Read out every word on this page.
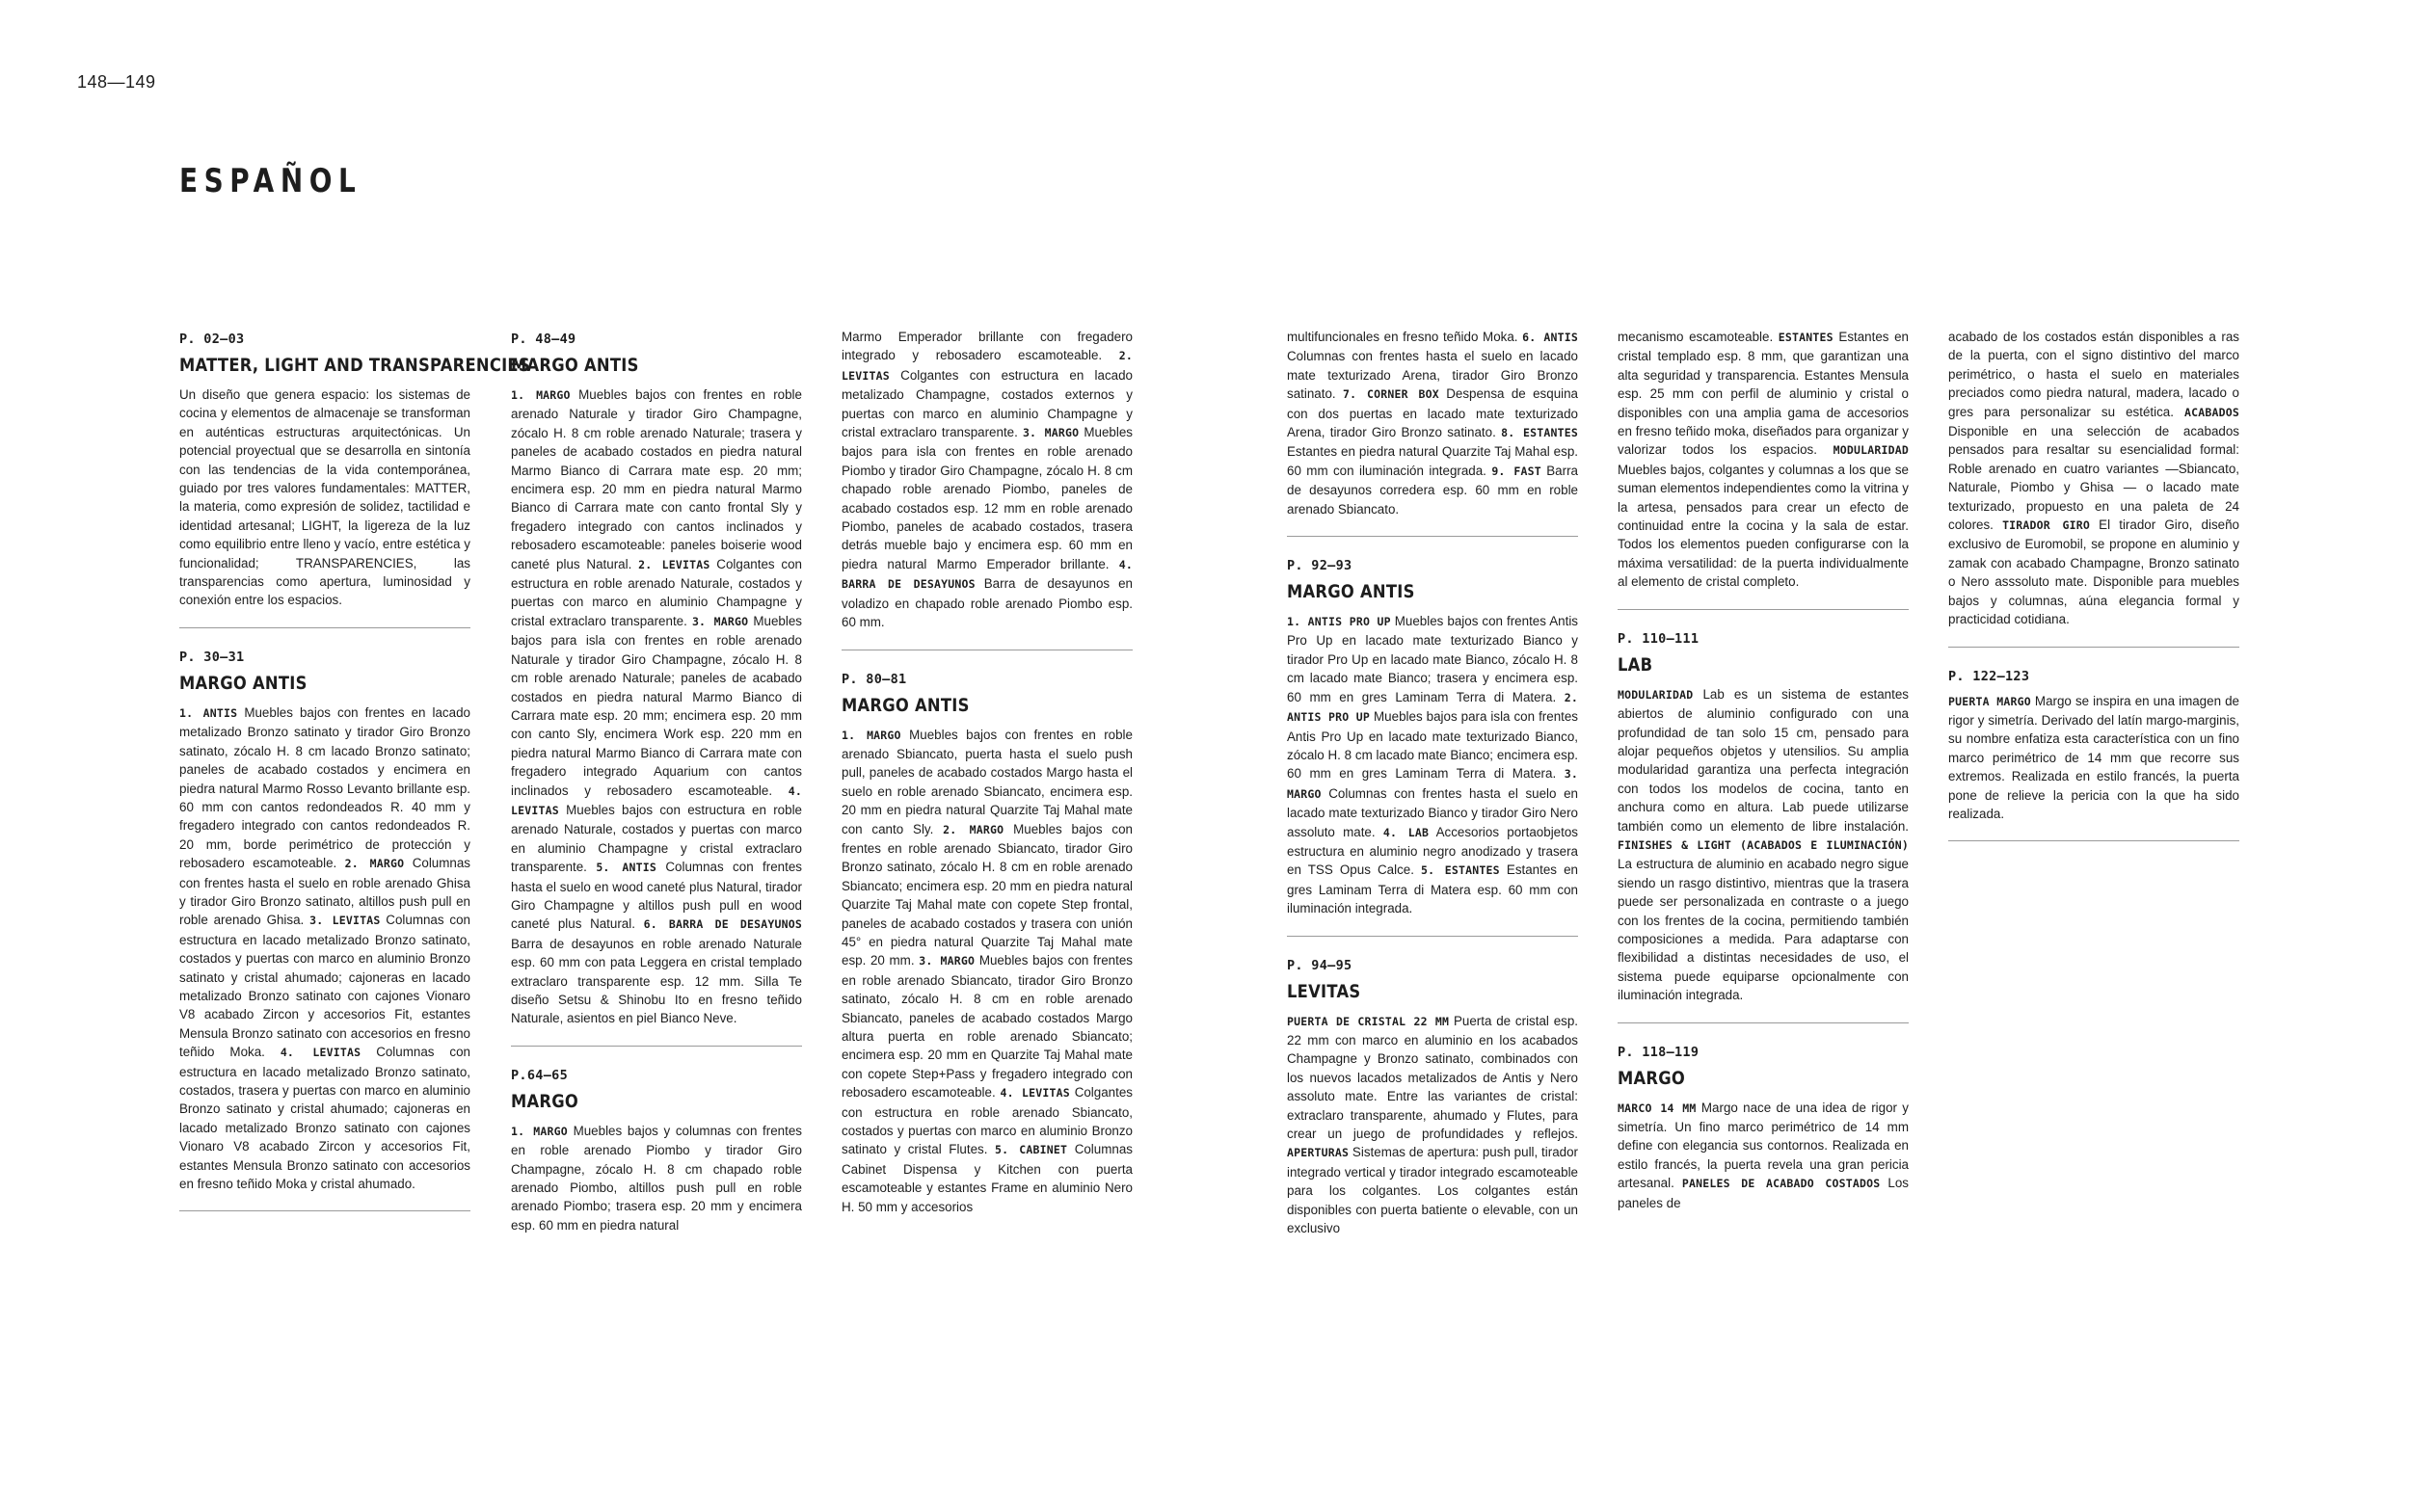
148—149
ESPAÑOL
P. 02–03
MATTER, LIGHT AND TRANSPARENCIES

Un diseño que genera espacio: los sistemas de cocina y elementos de almacenaje se transforman en auténticas estructuras arquitectónicas. Un potencial proyectual que se desarrolla en sintonía con las tendencias de la vida contemporánea, guiado por tres valores fundamentales: MATTER, la materia, como expresión de solidez, tactilidad e identidad artesanal; LIGHT, la ligereza de la luz como equilibrio entre lleno y vacío, entre estética y funcionalidad; TRANSPARENCIES, las transparencias como apertura, luminosidad y conexión entre los espacios.

P. 30–31
MARGO ANTIS

1. ANTIS Muebles bajos con frentes en lacado metalizado Bronzo satinato y tirador Giro Bronzo satinato, zócalo H. 8 cm lacado Bronzo satinato; paneles de acabado costados y encimera en piedra natural Marmo Rosso Levanto brillante esp. 60 mm con cantos redondeados R. 40 mm y fregadero integrado con cantos redondeados R. 20 mm, borde perimétrico de protección y rebosadero escamoteable. 2. MARGO Columnas con frentes hasta el suelo en roble arenado Ghisa y tirador Giro Bronzo satinato, altillos push pull en roble arenado Ghisa. 3. LEVITAS Columnas con estructura en lacado metalizado Bronzo satinato, costados y puertas con marco en aluminio Bronzo satinato y cristal ahumado; cajoneras en lacado metalizado Bronzo satinato con cajones Vionaro V8 acabado Zircon y accesorios Fit, estantes Mensula Bronzo satinato con accesorios en fresno teñido Moka. 4. LEVITAS Columnas con estructura en lacado metalizado Bronzo satinato, costados, trasera y puertas con marco en aluminio Bronzo satinato y cristal ahumado; cajoneras en lacado metalizado Bronzo satinato con cajones Vionaro V8 acabado Zircon y accesorios Fit, estantes Mensula Bronzo satinato con accesorios en fresno teñido Moka y cristal ahumado.

P. 48–49
MARGO ANTIS

1. MARGO Muebles bajos con frentes en roble arenado Naturale y tirador Giro Champagne, zócalo H. 8 cm roble arenado Naturale; trasera y paneles de acabado costados en piedra natural Marmo Bianco di Carrara mate esp. 20 mm; encimera esp. 20 mm en piedra natural Marmo Bianco di Carrara mate con canto frontal Sly y fregadero integrado con cantos inclinados y rebosadero escamoteable: paneles boiserie wood caneté plus Natural. 2. LEVITAS Colgantes con estructura en roble arenado Naturale, costados y puertas con marco en aluminio Champagne y cristal extraclaro transparente. 3. MARGO Muebles bajos para isla con frentes en roble arenado Naturale y tirador Giro Champagne, zócalo H. 8 cm roble arenado Naturale; paneles de acabado costados en piedra natural Marmo Bianco di Carrara mate esp. 20 mm; encimera esp. 20 mm con canto Sly, encimera Work esp. 220 mm en piedra natural Marmo Bianco di Carrara mate con fregadero integrado Aquarium con cantos inclinados y rebosadero escamoteable. 4. LEVITAS Muebles bajos con estructura en roble arenado Naturale, costados y puertas con marco en aluminio Champagne y cristal extraclaro transparente. 5. ANTIS Columnas con frentes hasta el suelo en wood caneté plus Natural, tirador Giro Champagne y altillos push pull en wood caneté plus Natural. 6. BARRA DE DESAYUNOS Barra de desayunos en roble arenado Naturale esp. 60 mm con pata Leggera en cristal templado extraclaro transparente esp. 12 mm. Silla Te diseño Setsu & Shinobu Ito en fresno teñido Naturale, asientos en piel Bianco Neve.

P.64–65
MARGO

1. MARGO Muebles bajos y columnas con frentes en roble arenado Piombo y tirador Giro Champagne, zócalo H. 8 cm chapado roble arenado Piombo, altillos push pull en roble arenado Piombo; trasera esp. 20 mm y encimera esp. 60 mm en piedra natural

Marmo Emperador brillante con fregadero integrado y rebosadero escamoteable. 2. LEVITAS Colgantes con estructura en lacado metalizado Champagne, costados externos y puertas con marco en aluminio Champagne y cristal extraclaro transparente. 3. MARGO Muebles bajos para isla con frentes en roble arenado Piombo y tirador Giro Champagne, zócalo H. 8 cm chapado roble arenado Piombo, paneles de acabado costados esp. 12 mm en roble arenado Piombo, paneles de acabado costados, trasera detrás mueble bajo y encimera esp. 60 mm en piedra natural Marmo Emperador brillante. 4. BARRA DE DESAYUNOS Barra de desayunos en voladizo en chapado roble arenado Piombo esp. 60 mm.

P. 80–81
MARGO ANTIS

1. MARGO Muebles bajos con frentes en roble arenado Sbiancato, puerta hasta el suelo push pull, paneles de acabado costados Margo hasta el suelo en roble arenado Sbiancato, encimera esp. 20 mm en piedra natural Quarzite Taj Mahal mate con canto Sly. 2. MARGO Muebles bajos con frentes en roble arenado Sbiancato, tirador Giro Bronzo satinato, zócalo H. 8 cm en roble arenado Sbiancato; encimera esp. 20 mm en piedra natural Quarzite Taj Mahal mate con copete Step frontal, paneles de acabado costados y trasera con unión 45° en piedra natural Quarzite Taj Mahal mate esp. 20 mm. 3. MARGO Muebles bajos con frentes en roble arenado Sbiancato, tirador Giro Bronzo satinato, zócalo H. 8 cm en roble arenado Sbiancato, paneles de acabado costados Margo altura puerta en roble arenado Sbiancato; encimera esp. 20 mm en Quarzite Taj Mahal mate con copete Step+Pass y fregadero integrado con rebosadero escamoteable. 4. LEVITAS Colgantes con estructura en roble arenado Sbiancato, costados y puertas con marco en aluminio Bronzo satinato y cristal Flutes. 5. CABINET Columnas Cabinet Dispensa y Kitchen con puerta escamoteable y estantes Frame en aluminio Nero H. 50 mm y accesorios

multifuncionales en fresno teñido Moka. 6. ANTIS Columnas con frentes hasta el suelo en lacado mate texturizado Arena, tirador Giro Bronzo satinato. 7. CORNER BOX Despensa de esquina con dos puertas en lacado mate texturizado Arena, tirador Giro Bronzo satinato. 8. ESTANTES Estantes en piedra natural Quarzite Taj Mahal esp. 60 mm con iluminación integrada. 9. FAST Barra de desayunos corredera esp. 60 mm en roble arenado Sbiancato.

P. 92–93
MARGO ANTIS

1. ANTIS PRO UP Muebles bajos con frentes Antis Pro Up en lacado mate texturizado Bianco y tirador Pro Up en lacado mate Bianco, zócalo H. 8 cm lacado mate Bianco; trasera y encimera esp. 60 mm en gres Laminam Terra di Matera. 2. ANTIS PRO UP Muebles bajos para isla con frentes Antis Pro Up en lacado mate texturizado Bianco, zócalo H. 8 cm lacado mate Bianco; encimera esp. 60 mm en gres Laminam Terra di Matera. 3. MARGO Columnas con frentes hasta el suelo en lacado mate texturizado Bianco y tirador Giro Nero assoluto mate. 4. LAB Accesorios portaobjetos estructura en aluminio negro anodizado y trasera en TSS Opus Calce. 5. ESTANTES Estantes en gres Laminam Terra di Matera esp. 60 mm con iluminación integrada.

P. 94–95
LEVITAS

PUERTA DE CRISTAL 22 MM Puerta de cristal esp. 22 mm con marco en aluminio en los acabados Champagne y Bronzo satinato, combinados con los nuevos lacados metalizados de Antis y Nero assoluto mate. Entre las variantes de cristal: extraclaro transparente, ahumado y Flutes, para crear un juego de profundidades y reflejos. APERTURAS Sistemas de apertura: push pull, tirador integrado vertical y tirador integrado escamoteable para los colgantes. Los colgantes están disponibles con puerta batiente o elevable, con un exclusivo

mecanismo escamoteable. ESTANTES Estantes en cristal templado esp. 8 mm, que garantizan una alta seguridad y transparencia. Estantes Mensula esp. 25 mm con perfil de aluminio y cristal o disponibles con una amplia gama de accesorios en fresno teñido moka, diseñados para organizar y valorizar todos los espacios. MODULARIDAD Muebles bajos, colgantes y columnas a los que se suman elementos independientes como la vitrina y la artesa, pensados para crear un efecto de continuidad entre la cocina y la sala de estar. Todos los elementos pueden configurarse con la máxima versatilidad: de la puerta individualmente al elemento de cristal completo.

P. 110–111
LAB

MODULARIDAD Lab es un sistema de estantes abiertos de aluminio configurado con una profundidad de tan solo 15 cm, pensado para alojar pequeños objetos y utensilios. Su amplia modularidad garantiza una perfecta integración con todos los modelos de cocina, tanto en anchura como en altura. Lab puede utilizarse también como un elemento de libre instalación. FINISHES & LIGHT (ACABADOS E ILUMINACIÓN) La estructura de aluminio en acabado negro sigue siendo un rasgo distintivo, mientras que la trasera puede ser personalizada en contraste o a juego con los frentes de la cocina, permitiendo también composiciones a medida. Para adaptarse con flexibilidad a distintas necesidades de uso, el sistema puede equiparse opcionalmente con iluminación integrada.

P. 118–119
MARGO

MARCO 14 MM Margo nace de una idea de rigor y simetría. Un fino marco perimétrico de 14 mm define con elegancia sus contornos. Realizada en estilo francés, la puerta revela una gran pericia artesanal. PANELES DE ACABADO COSTADOS Los paneles de

acabado de los costados están disponibles a ras de la puerta, con el signo distintivo del marco perimétrico, o hasta el suelo en materiales preciados como piedra natural, madera, lacado o gres para personalizar su estética. ACABADOS Disponible en una selección de acabados pensados para resaltar su esencialidad formal: Roble arenado en cuatro variantes —Sbiancato, Naturale, Piombo y Ghisa — o lacado mate texturizado, propuesto en una paleta de 24 colores. TIRADOR GIRO El tirador Giro, diseño exclusivo de Euromobil, se propone en aluminio y zamak con acabado Champagne, Bronzo satinato o Nero asssoluto mate. Disponible para muebles bajos y columnas, aúna elegancia formal y practicidad cotidiana.

P. 122–123

PUERTA MARGO Margo se inspira en una imagen de rigor y simetría. Derivado del latín margo-marginis, su nombre enfatiza esta característica con un fino marco perimétrico de 14 mm que recorre sus extremos. Realizada en estilo francés, la puerta pone de relieve la pericia con la que ha sido realizada.
